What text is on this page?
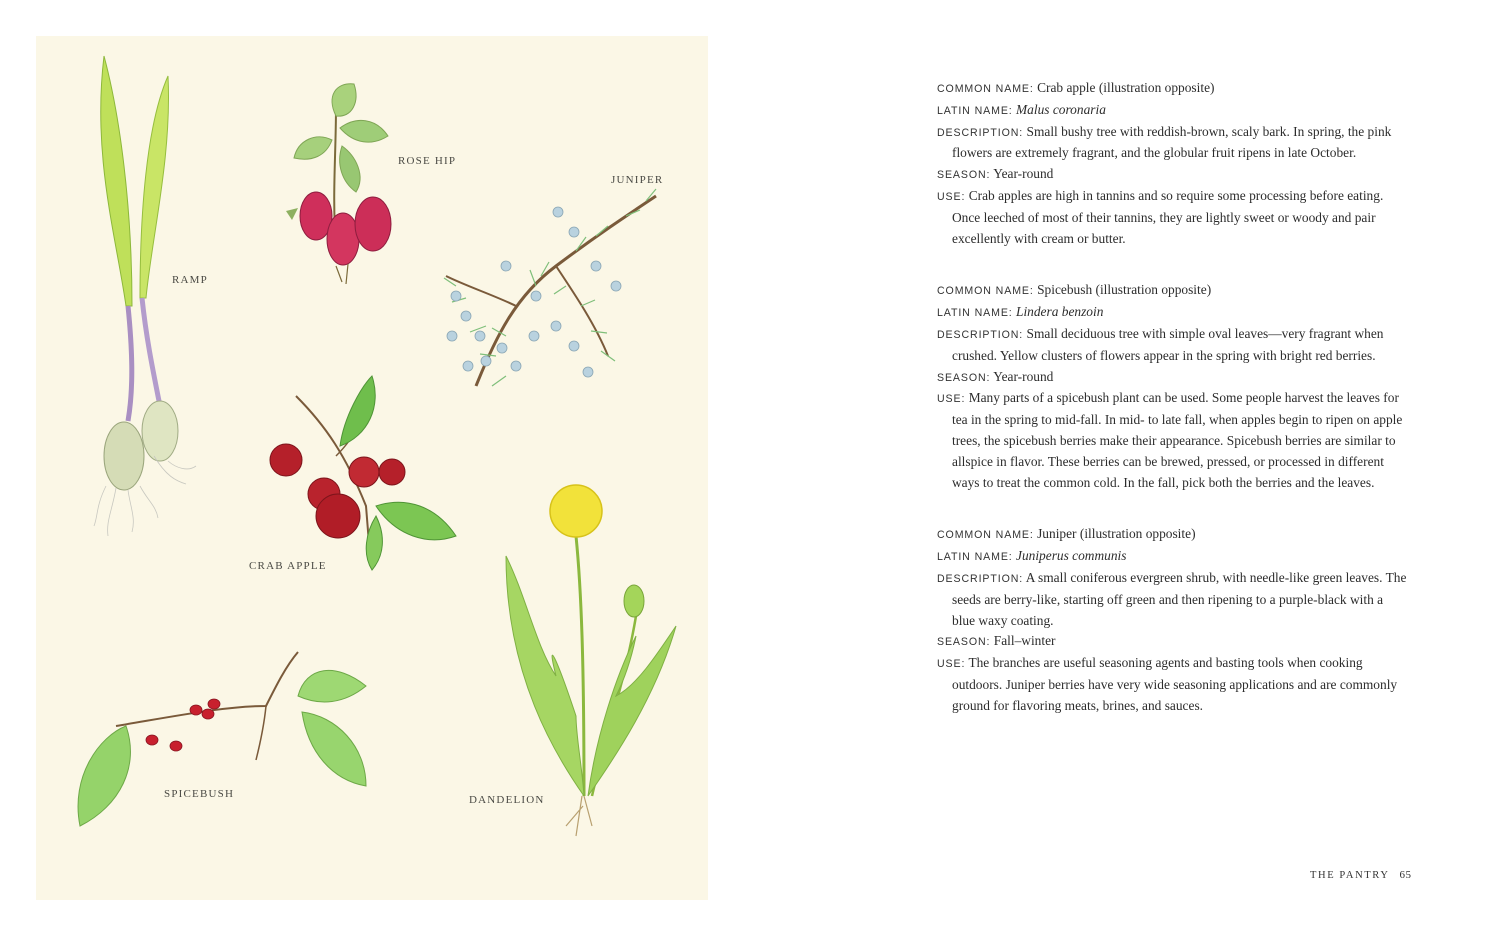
ROSE HIP
JUNIPER
RAMP
CRAB APPLE
SPICEBUSH	DANDELION

COMMON NAME: Crab apple (illustration opposite)

LATIN NAME: Malus coronaria

DESCRIPTION: Small bushy tree with reddish-brown, scaly bark. In spring, the pink flowers are extremely fragrant, and the globular fruit ripens in late October.

SEASON: Year-round

USE: Crab apples are high in tannins and so require some processing before eating. Once leeched of most of their tannins, they are lightly sweet or woody and pair excellently with cream or butter.

COMMON NAME: Spicebush (illustration opposite)

LATIN NAME: Lindera benzoin

DESCRIPTION: Small deciduous tree with simple oval leaves—very fragrant when crushed. Yellow clusters of flowers appear in the spring with bright red berries.

SEASON: Year-round

USE: Many parts of a spicebush plant can be used. Some people harvest the leaves for tea in the spring to mid-fall. In mid- to late fall, when apples begin to ripen on apple trees, the spicebush berries make their appearance. Spicebush berries are similar to allspice in flavor. These berries can be brewed, pressed, or processed in different ways to treat the common cold. In the fall, pick both the berries and the leaves.

COMMON NAME: Juniper (illustration opposite)

LATIN NAME: Juniperus communis

DESCRIPTION: A small coniferous evergreen shrub, with needle-like green leaves. The seeds are berry-like, starting off green and then ripening to a purple-black with a blue waxy coating.

SEASON: Fall–winter

USE: The branches are useful seasoning agents and basting tools when cooking outdoors. Juniper berries have very wide seasoning applications and are commonly ground for flavoring meats, brines, and sauces.

THE PANTRY 65
